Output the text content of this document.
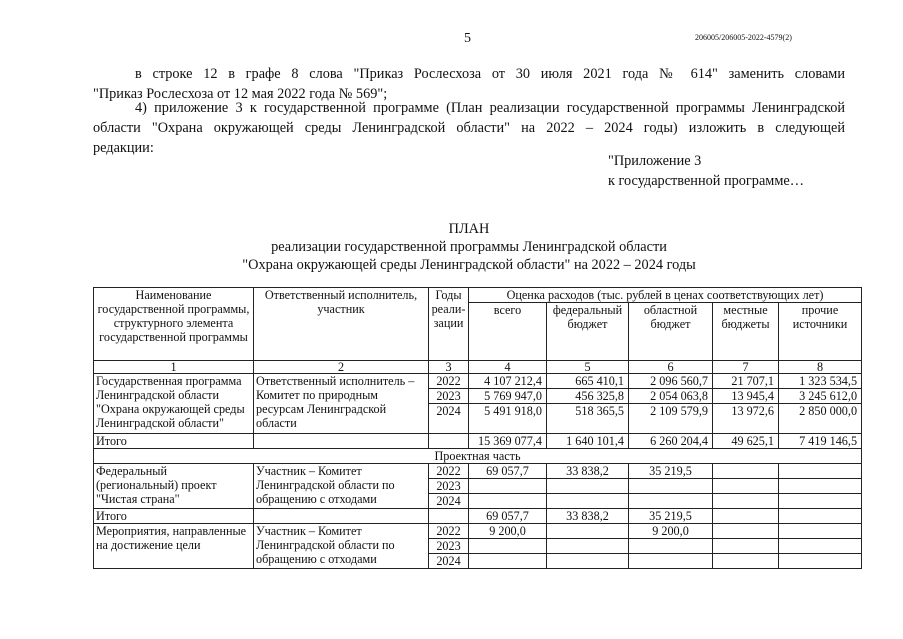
5	206005/206005-2022-4579(2)
в строке 12 в графе 8 слова "Приказ Рослесхоза от 30 июля 2021 года № 614" заменить словами
"Приказ Рослесхоза от 12 мая 2022 года № 569";
4) приложение 3 к государственной программе (План реализации государственной программы Ленинградской
области "Охрана окружающей среды Ленинградской области" на 2022 – 2024 годы) изложить в следующей
редакции:
"Приложение 3
к государственной программе…
ПЛАН
реализации государственной программы Ленинградской области
"Охрана окружающей среды Ленинградской области" на 2022 – 2024 годы
Наименование государственной программы, структурного элемента государственной программы	Ответственный исполнитель, участник	Годы реали-зации	Оценка расходов (тыс. рублей в ценах соответствующих лет)				
			всего	федеральный бюджет	областной бюджет	местные бюджеты	прочие источники
1	2	3	4	5	6	7	8
Государственная программа Ленинградской области "Охрана окружающей среды Ленинградской области"	Ответственный исполнитель – Комитет по природным ресурсам Ленинградской области	2022	4 107 212,4	665 410,1	2 096 560,7	21 707,1	1 323 534,5
		2023	5 769 947,0	456 325,8	2 054 063,8	13 945,4	3 245 612,0
		2024	5 491 918,0	518 365,5	2 109 579,9	13 972,6	2 850 000,0
Итого			15 369 077,4	1 640 101,4	6 260 204,4	49 625,1	7 419 146,5
Проектная часть							
Федеральный (региональный) проект "Чистая страна"	Участник – Комитет Ленинградской области по обращению с отходами	2022	69 057,7	33 838,2	35 219,5		
		2023					
		2024					
Итого			69 057,7	33 838,2	35 219,5		
Мероприятия, направленные на достижение цели	Участник – Комитет Ленинградской области по обращению с отходами	2022	9 200,0		9 200,0		
		2023					
		2024					
